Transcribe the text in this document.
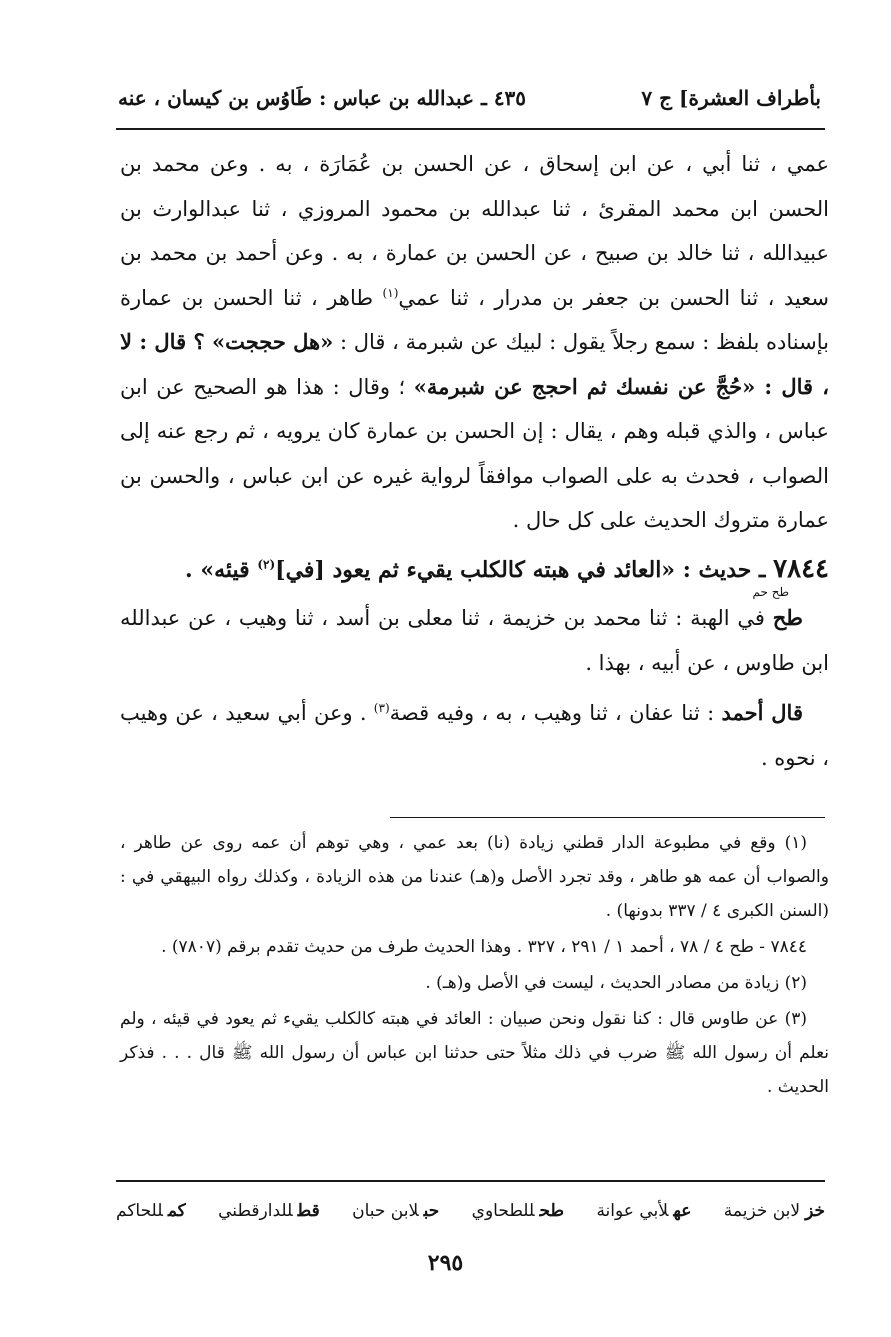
بأطراف العشرة] ج ٧
٤٣٥ ـ عبدالله بن عباس : طَاوُس بن كيسان ، عنه

عمي ، ثنا أبي ، عن ابن إسحاق ، عن الحسن بن عُمَارَة ، به . وعن محمد بن الحسن ابن محمد المقرئ ، ثنا عبدالله بن محمود المروزي ، ثنا عبدالوارث بن عبيدالله ، ثنا خالد بن صبيح ، عن الحسن بن عمارة ، به . وعن أحمد بن محمد بن سعيد ، ثنا الحسن بن جعفر بن مدرار ، ثنا عمي$^{(١)}$ طاهر ، ثنا الحسن بن عمارة بإسناده بلفظ : سمع رجلاً يقول : لبيك عن شبرمة ، قال : «هل حججت» ؟ قال : لا ، قال : «حُجَّ عن نفسك ثم احجج عن شبرمة» ؛ وقال : هذا هو الصحيح عن ابن عباس ، والذي قبله وهم ، يقال : إن الحسن بن عمارة كان يرويه ، ثم رجع عنه إلى الصواب ، فحدث به على الصواب موافقاً لرواية غيره عن ابن عباس ، والحسن بن عمارة متروك الحديث على كل حال .

٧٨٤٤ ـ حديث : «العائد في هبته كالكلب يقيء ثم يعود [في]$^{(٢)}$ قيئه» .

طح حم

طح في الهبة : ثنا محمد بن خزيمة ، ثنا معلى بن أسد ، ثنا وهيب ، عن عبدالله ابن طاوس ، عن أبيه ، بهذا .

قال أحمد : ثنا عفان ، ثنا وهيب ، به ، وفيه قصة$^{(٣)}$ . وعن أبي سعيد ، عن وهيب ، نحوه .

(١) وقع في مطبوعة الدار قطني زيادة (نا) بعد عمي ، وهي توهم أن عمه روى عن طاهر ، والصواب أن عمه هو طاهر ، وقد تجرد الأصل و(هـ) عندنا من هذه الزيادة ، وكذلك رواه البيهقي في : (السنن الكبرى ٤ / ٣٣٧ بدونها) .

٧٨٤٤ - طح ٤ / ٧٨ ، أحمد ١ / ٢٩١ ، ٣٢٧ . وهذا الحديث طرف من حديث تقدم برقم (٧٨٠٧) .

(٢) زيادة من مصادر الحديث ، ليست في الأصل و(هـ) .

(٣) عن طاوس قال : كنا نقول ونحن صبيان : العائد في هبته كالكلب يقيء ثم يعود في قيئه ، ولم نعلم أن رسول الله ﷺ ضرب في ذلك مثلاً حتى حدثنا ابن عباس أن رسول الله ﷺ قال . . . فذكر الحديث .

خزلابن خزيمة
عهلأبي عوانة
طحللطحاوي
حبلابن حبان
قطللدارقطني
كمللحاكم
٢٩٥
